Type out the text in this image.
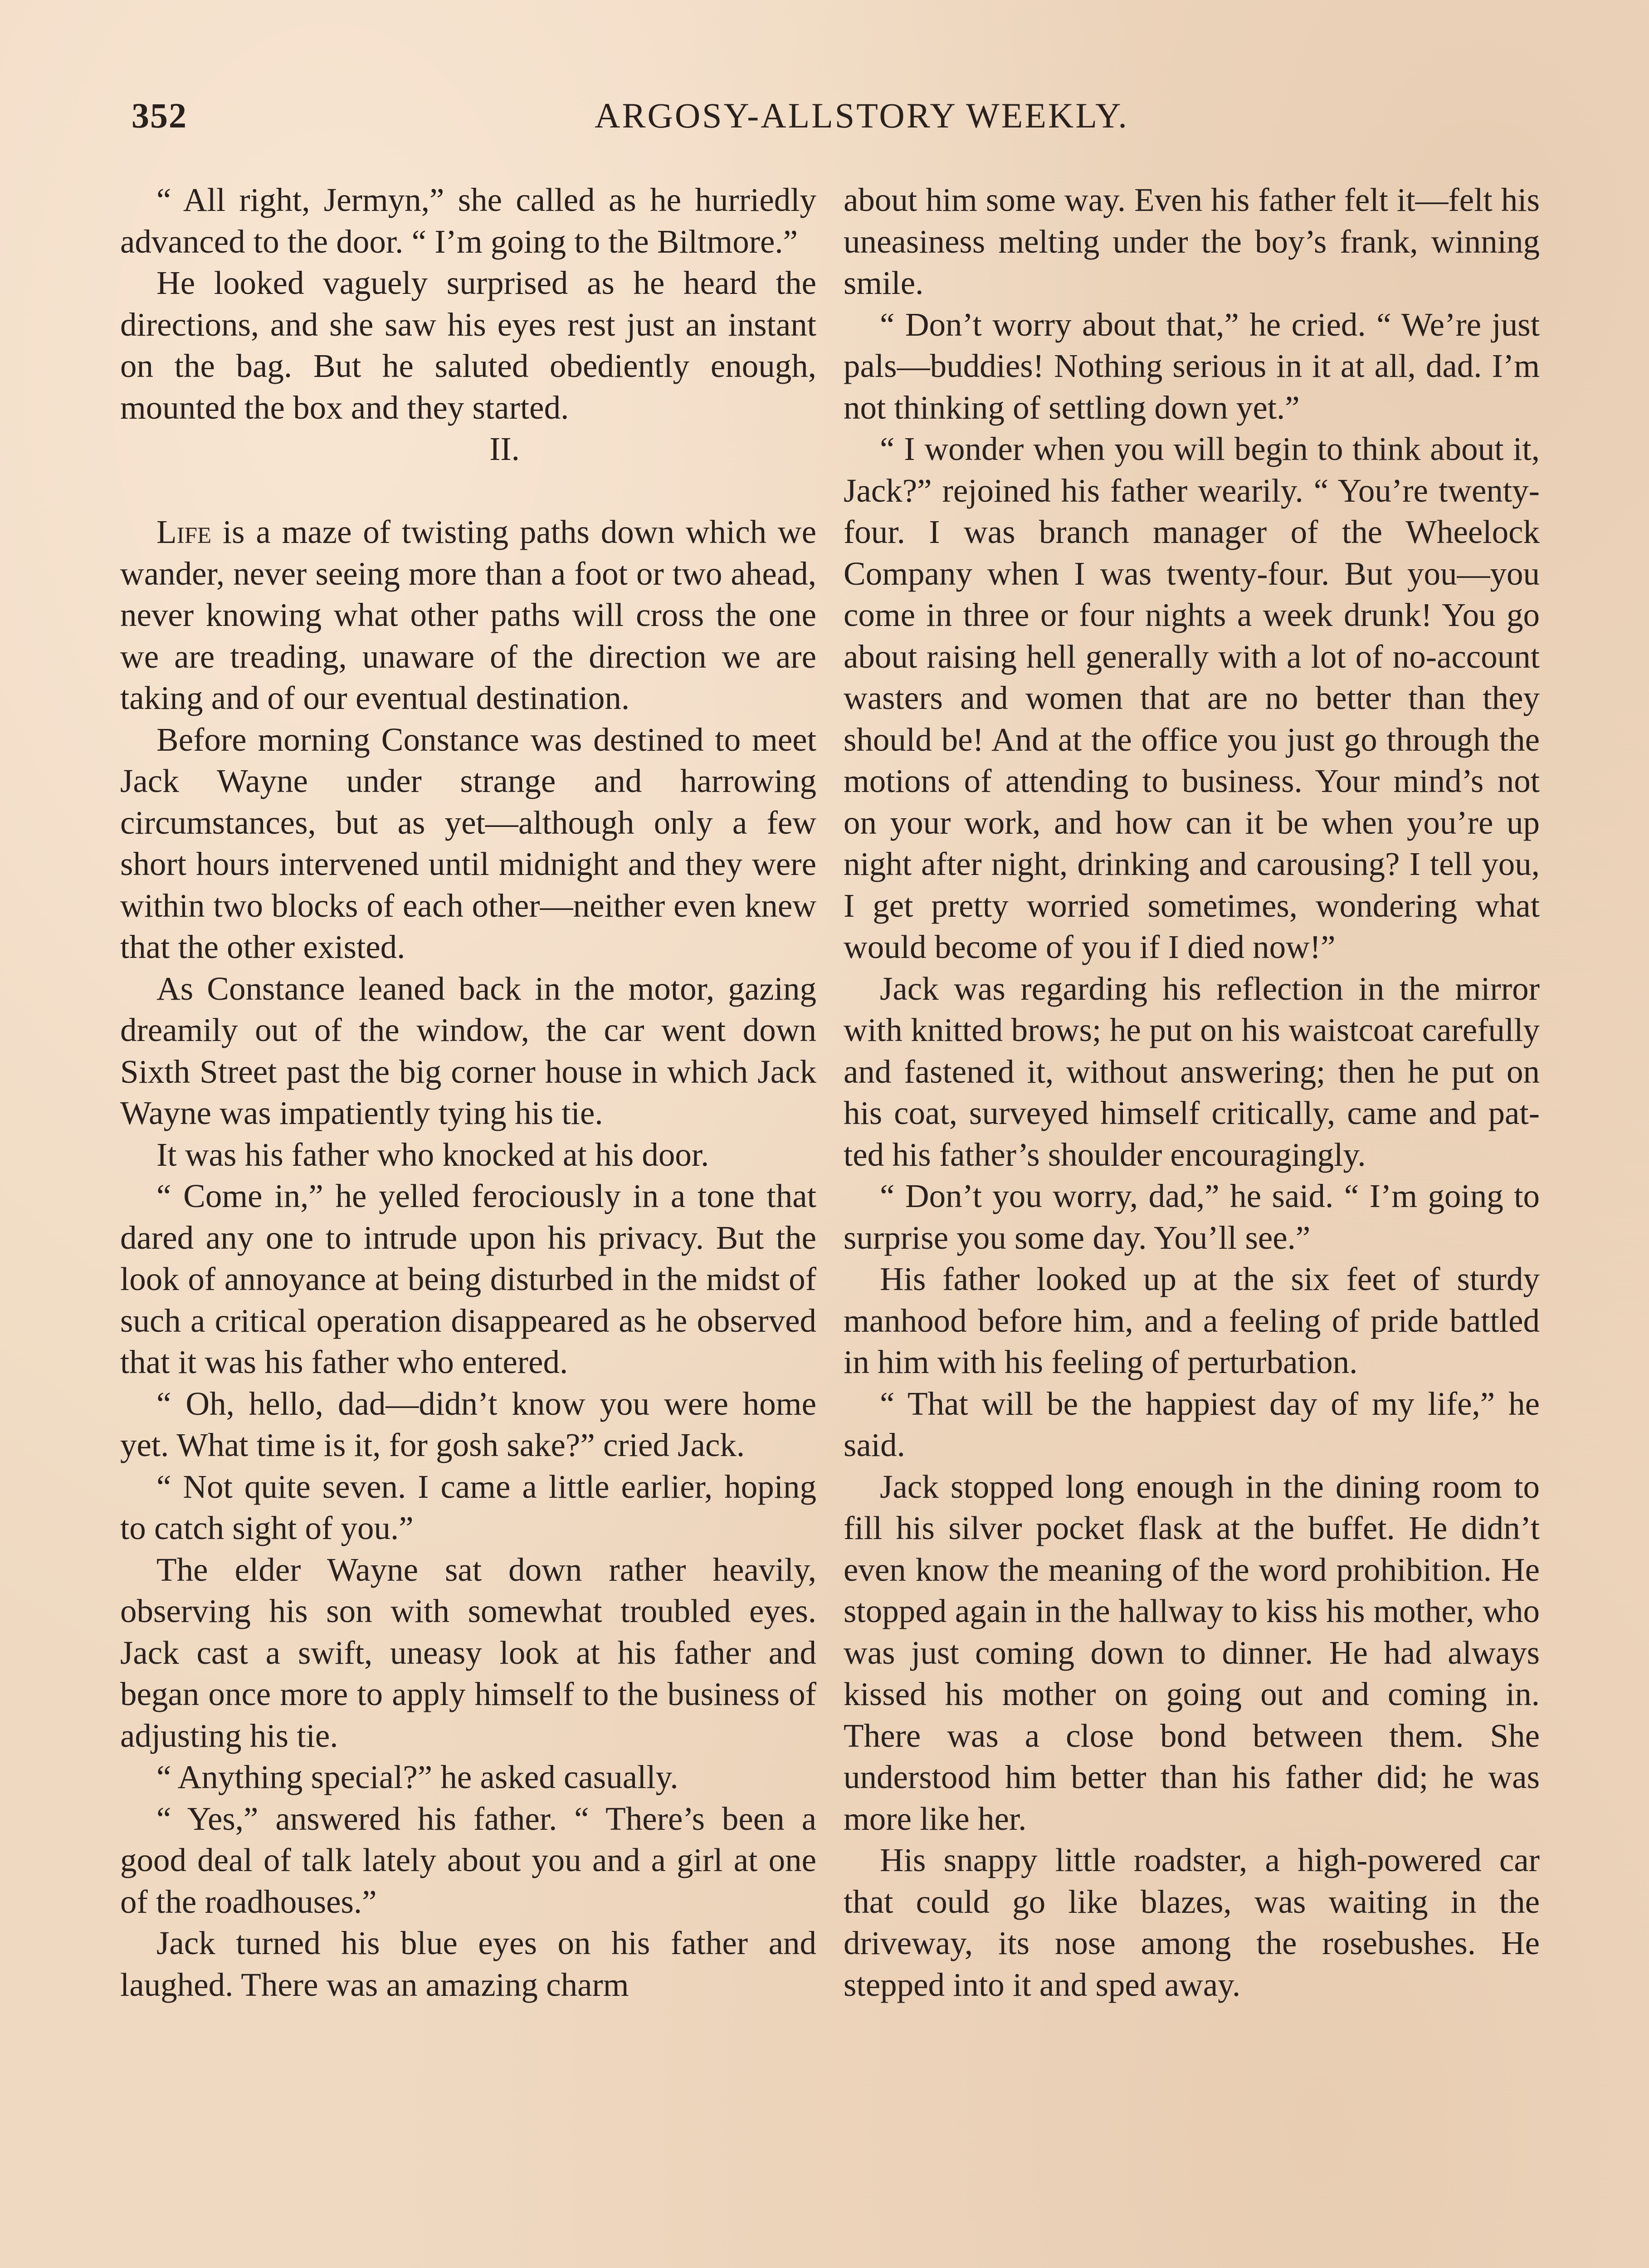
352	ARGOSY-ALLSTORY WEEKLY.

“ All right, Jermyn,” she called as he hurriedly advanced to the door. “ I’m going to the Biltmore.”

He looked vaguely surprised as he heard the directions, and she saw his eyes rest just an instant on the bag. But he saluted obediently enough, mounted the box and they started.

II.

Life is a maze of twisting paths down which we wander, never seeing more than a foot or two ahead, never knowing what other paths will cross the one we are treading, unaware of the direction we are taking and of our eventual destination.

Before morning Constance was destined to meet Jack Wayne under strange and harrowing circumstances, but as yet—although only a few short hours intervened until midnight and they were within two blocks of each other—neither even knew that the other existed.

As Constance leaned back in the motor, gazing dreamily out of the window, the car went down Sixth Street past the big corner house in which Jack Wayne was impatiently tying his tie.

It was his father who knocked at his door.

“ Come in,” he yelled ferociously in a tone that dared any one to intrude upon his privacy. But the look of annoyance at being disturbed in the midst of such a critical operation disappeared as he observed that it was his father who entered.

“ Oh, hello, dad—didn’t know you were home yet. What time is it, for gosh sake?” cried Jack.

“ Not quite seven. I came a little earlier, hoping to catch sight of you.”

The elder Wayne sat down rather heavily, observing his son with somewhat troubled eyes. Jack cast a swift, uneasy look at his father and began once more to apply himself to the business of adjusting his tie.

“ Anything special?” he asked casually.

“ Yes,” answered his father. “ There’s been a good deal of talk lately about you and a girl at one of the roadhouses.”

Jack turned his blue eyes on his father and laughed. There was an amazing charm

about him some way. Even his father felt it—felt his uneasiness melting under the boy’s frank, winning smile.

“ Don’t worry about that,” he cried. “ We’re just pals—buddies! Nothing serious in it at all, dad. I’m not thinking of settling down yet.”

“ I wonder when you will begin to think about it, Jack?” rejoined his father wearily. “ You’re twenty-four. I was branch manager of the Wheelock Company when I was twenty-four. But you—you come in three or four nights a week drunk! You go about raising hell generally with a lot of no-account wasters and women that are no better than they should be! And at the office you just go through the motions of attending to business. Your mind’s not on your work, and how can it be when you’re up night after night, drinking and carousing? I tell you, I get pretty worried sometimes, wondering what would become of you if I died now!”

Jack was regarding his reflection in the mirror with knitted brows; he put on his waistcoat carefully and fastened it, without answering; then he put on his coat, surveyed himself critically, came and patted his father’s shoulder encouragingly.

“ Don’t you worry, dad,” he said. “ I’m going to surprise you some day. You’ll see.”

His father looked up at the six feet of sturdy manhood before him, and a feeling of pride battled in him with his feeling of perturbation.

“ That will be the happiest day of my life,” he said.

Jack stopped long enough in the dining room to fill his silver pocket flask at the buffet. He didn’t even know the meaning of the word prohibition. He stopped again in the hallway to kiss his mother, who was just coming down to dinner. He had always kissed his mother on going out and coming in. There was a close bond between them. She understood him better than his father did; he was more like her.

His snappy little roadster, a high-powered car that could go like blazes, was waiting in the driveway, its nose among the rosebushes. He stepped into it and sped away.
